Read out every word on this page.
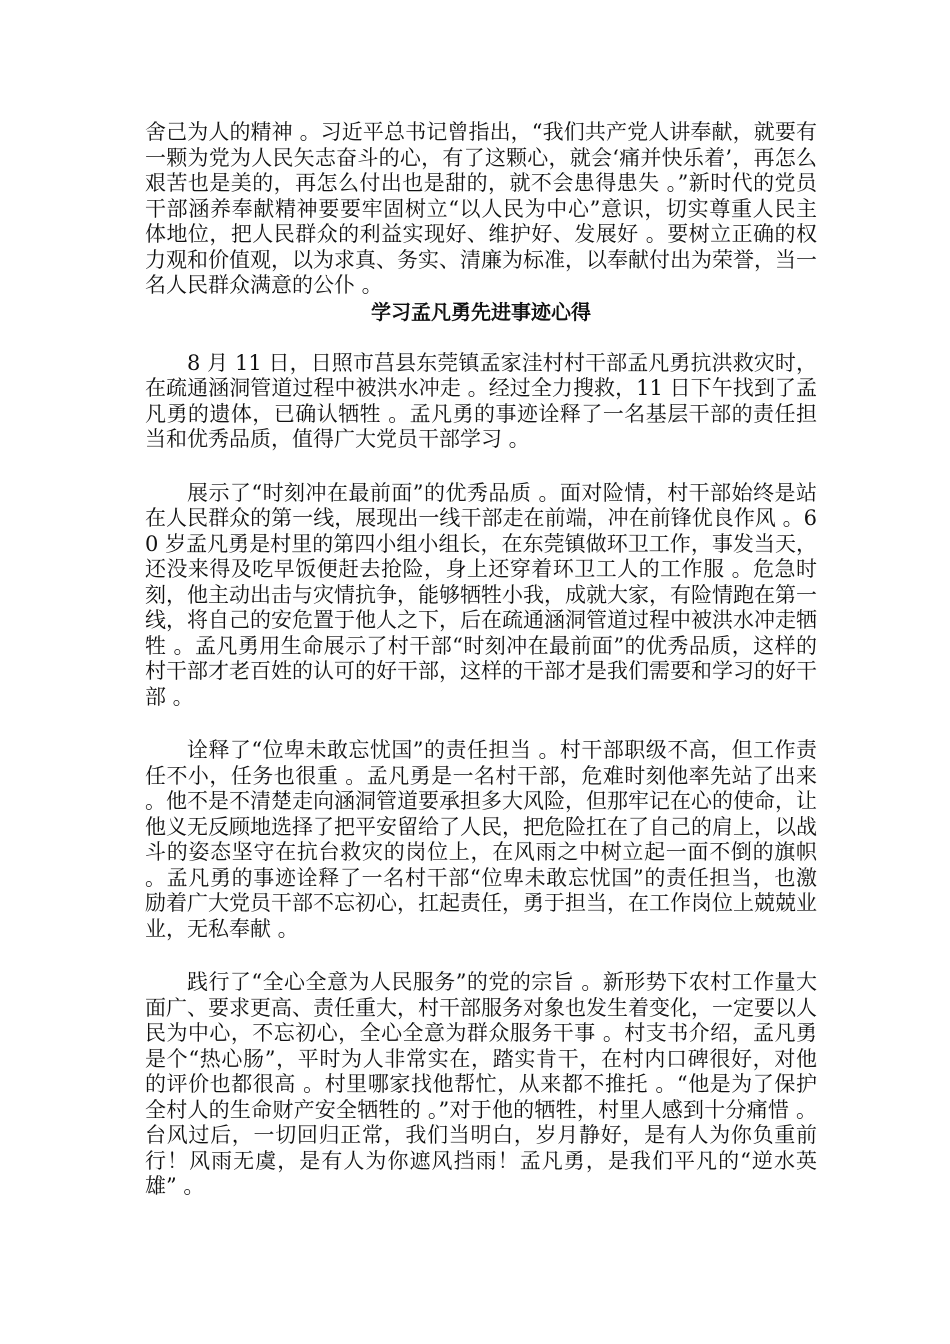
舍己为人的精神 。习近平总书记曾指出，“我们共产党人讲奉献，就要有一颗为党为人民矢志奋斗的心，有了这颗心，就会‘痛并快乐着’，再怎么艰苦也是美的，再怎么付出也是甜的，就不会患得患失 。”新时代的党员干部涵养奉献精神要要牢固树立“以人民为中心”意识，切实尊重人民主体地位，把人民群众的利益实现好、维护好、发展好 。要树立正确的权力观和价值观，以为求真、务实、清廉为标准，以奉献付出为荣誉，当一名人民群众满意的公仆 。

学习孟凡勇先进事迹心得

8 月 11 日，日照市莒县东莞镇孟家洼村村干部孟凡勇抗洪救灾时，在疏通涵洞管道过程中被洪水冲走 。经过全力搜救，11 日下午找到了孟凡勇的遗体，已确认牺牲 。孟凡勇的事迹诠释了一名基层干部的责任担当和优秀品质，值得广大党员干部学习 。

展示了“时刻冲在最前面”的优秀品质 。面对险情，村干部始终是站在人民群众的第一线，展现出一线干部走在前端，冲在前锋优良作风 。60 岁孟凡勇是村里的第四小组小组长，在东莞镇做环卫工作，事发当天，还没来得及吃早饭便赶去抢险，身上还穿着环卫工人的工作服 。危急时刻，他主动出击与灾情抗争，能够牺牲小我，成就大家，有险情跑在第一线，将自己的安危置于他人之下，后在疏通涵洞管道过程中被洪水冲走牺牲 。孟凡勇用生命展示了村干部“时刻冲在最前面”的优秀品质，这样的村干部才老百姓的认可的好干部，这样的干部才是我们需要和学习的好干部 。

诠释了“位卑未敢忘忧国”的责任担当 。村干部职级不高，但工作责任不小，任务也很重 。孟凡勇是一名村干部，危难时刻他率先站了出来 。他不是不清楚走向涵洞管道要承担多大风险，但那牢记在心的使命，让他义无反顾地选择了把平安留给了人民，把危险扛在了自己的肩上，以战斗的姿态坚守在抗台救灾的岗位上，在风雨之中树立起一面不倒的旗帜 。孟凡勇的事迹诠释了一名村干部“位卑未敢忘忧国”的责任担当，也激励着广大党员干部不忘初心，扛起责任，勇于担当，在工作岗位上兢兢业业，无私奉献 。

践行了“全心全意为人民服务”的党的宗旨 。新形势下农村工作量大面广、要求更高、责任重大，村干部服务对象也发生着变化，一定要以人民为中心，不忘初心，全心全意为群众服务干事 。村支书介绍，孟凡勇是个“热心肠”，平时为人非常实在，踏实肯干，在村内口碑很好，对他的评价也都很高 。村里哪家找他帮忙，从来都不推托 。“他是为了保护全村人的生命财产安全牺牲的 。”对于他的牺牲，村里人感到十分痛惜 。台风过后，一切回归正常，我们当明白，岁月静好，是有人为你负重前行！风雨无虞，是有人为你遮风挡雨！孟凡勇，是我们平凡的“逆水英雄” 。
